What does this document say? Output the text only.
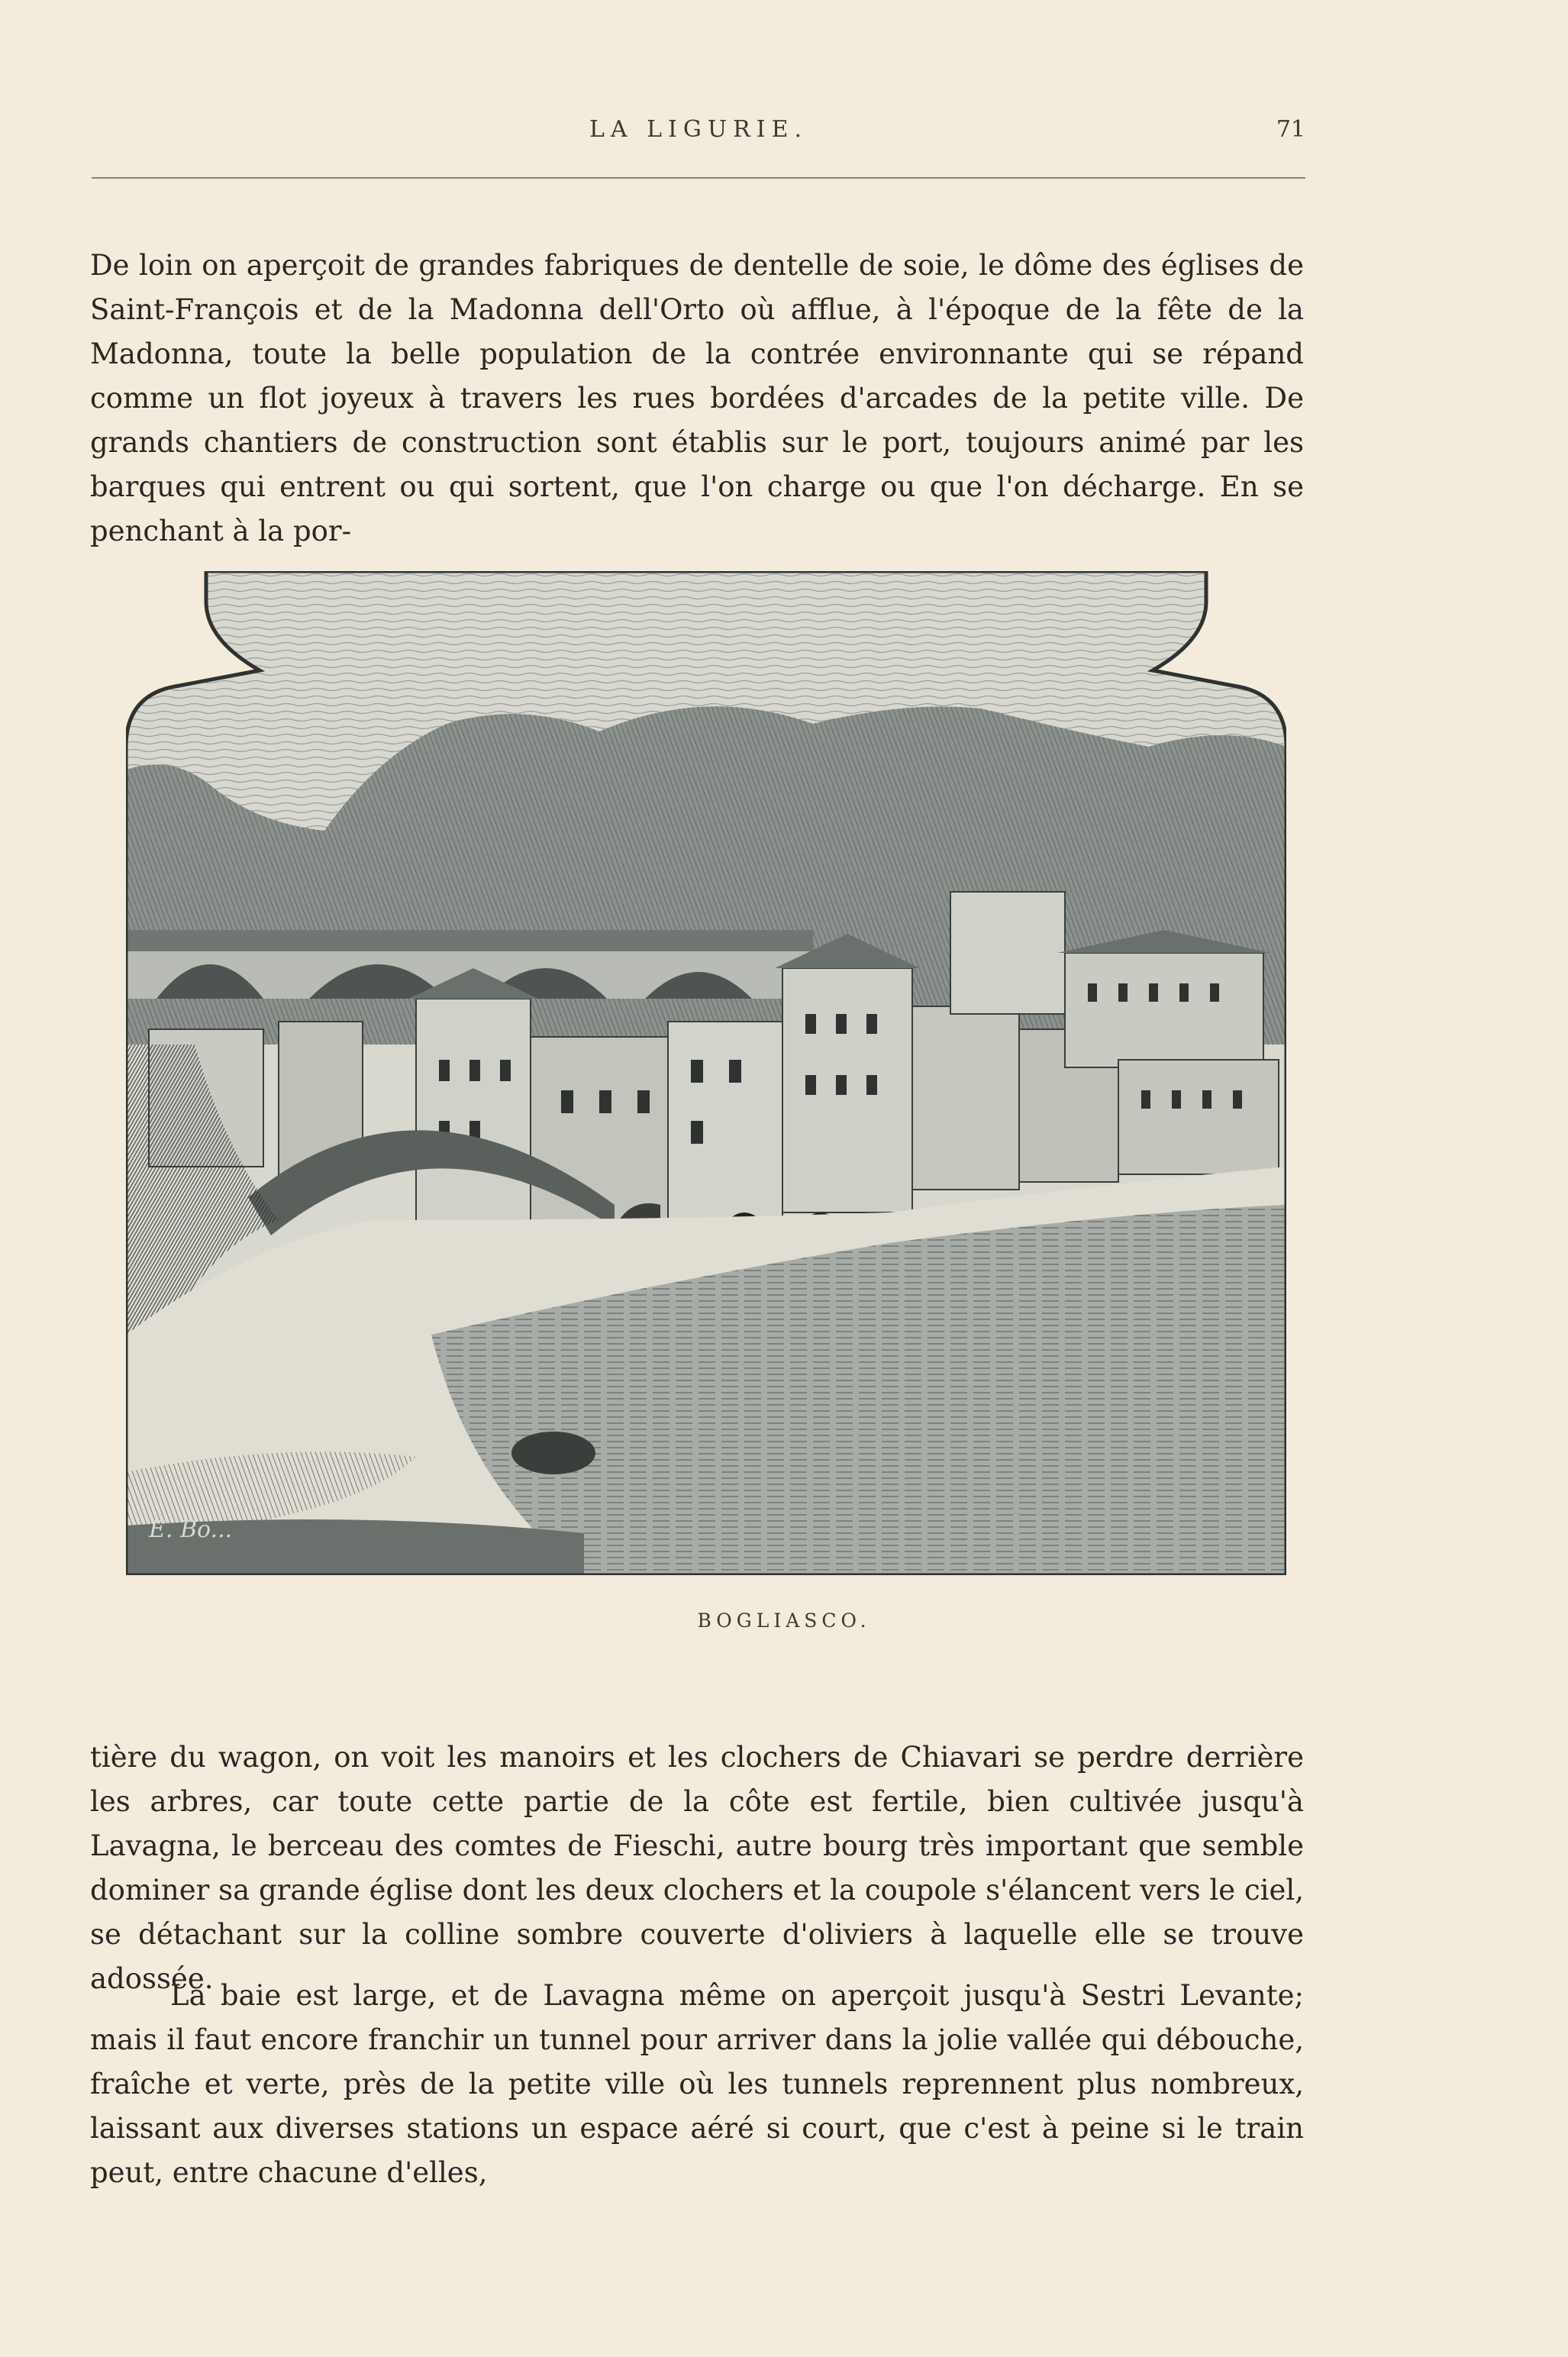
LA LIGURIE.	71

De loin on aperçoit de grandes fabriques de dentelle de soie, le dôme des églises de Saint-François et de la Madonna dell'Orto où afflue, à l'époque de la fête de la Madonna, toute la belle population de la contrée environnante qui se répand comme un flot joyeux à travers les rues bordées d'arcades de la petite ville. De grands chantiers de construction sont établis sur le port, toujours animé par les barques qui entrent ou qui sortent, que l'on charge ou que l'on décharge. En se penchant à la por-

E. Bo...
BOGLIASCO.

tière du wagon, on voit les manoirs et les clochers de Chiavari se perdre derrière les arbres, car toute cette partie de la côte est fertile, bien cultivée jusqu'à Lavagna, le berceau des comtes de Fieschi, autre bourg très important que semble dominer sa grande église dont les deux clochers et la coupole s'élancent vers le ciel, se détachant sur la colline sombre couverte d'oliviers à laquelle elle se trouve adossée.

La baie est large, et de Lavagna même on aperçoit jusqu'à Sestri Levante; mais il faut encore franchir un tunnel pour arriver dans la jolie vallée qui débouche, fraîche et verte, près de la petite ville où les tunnels reprennent plus nombreux, laissant aux diverses stations un espace aéré si court, que c'est à peine si le train peut, entre chacune d'elles,
